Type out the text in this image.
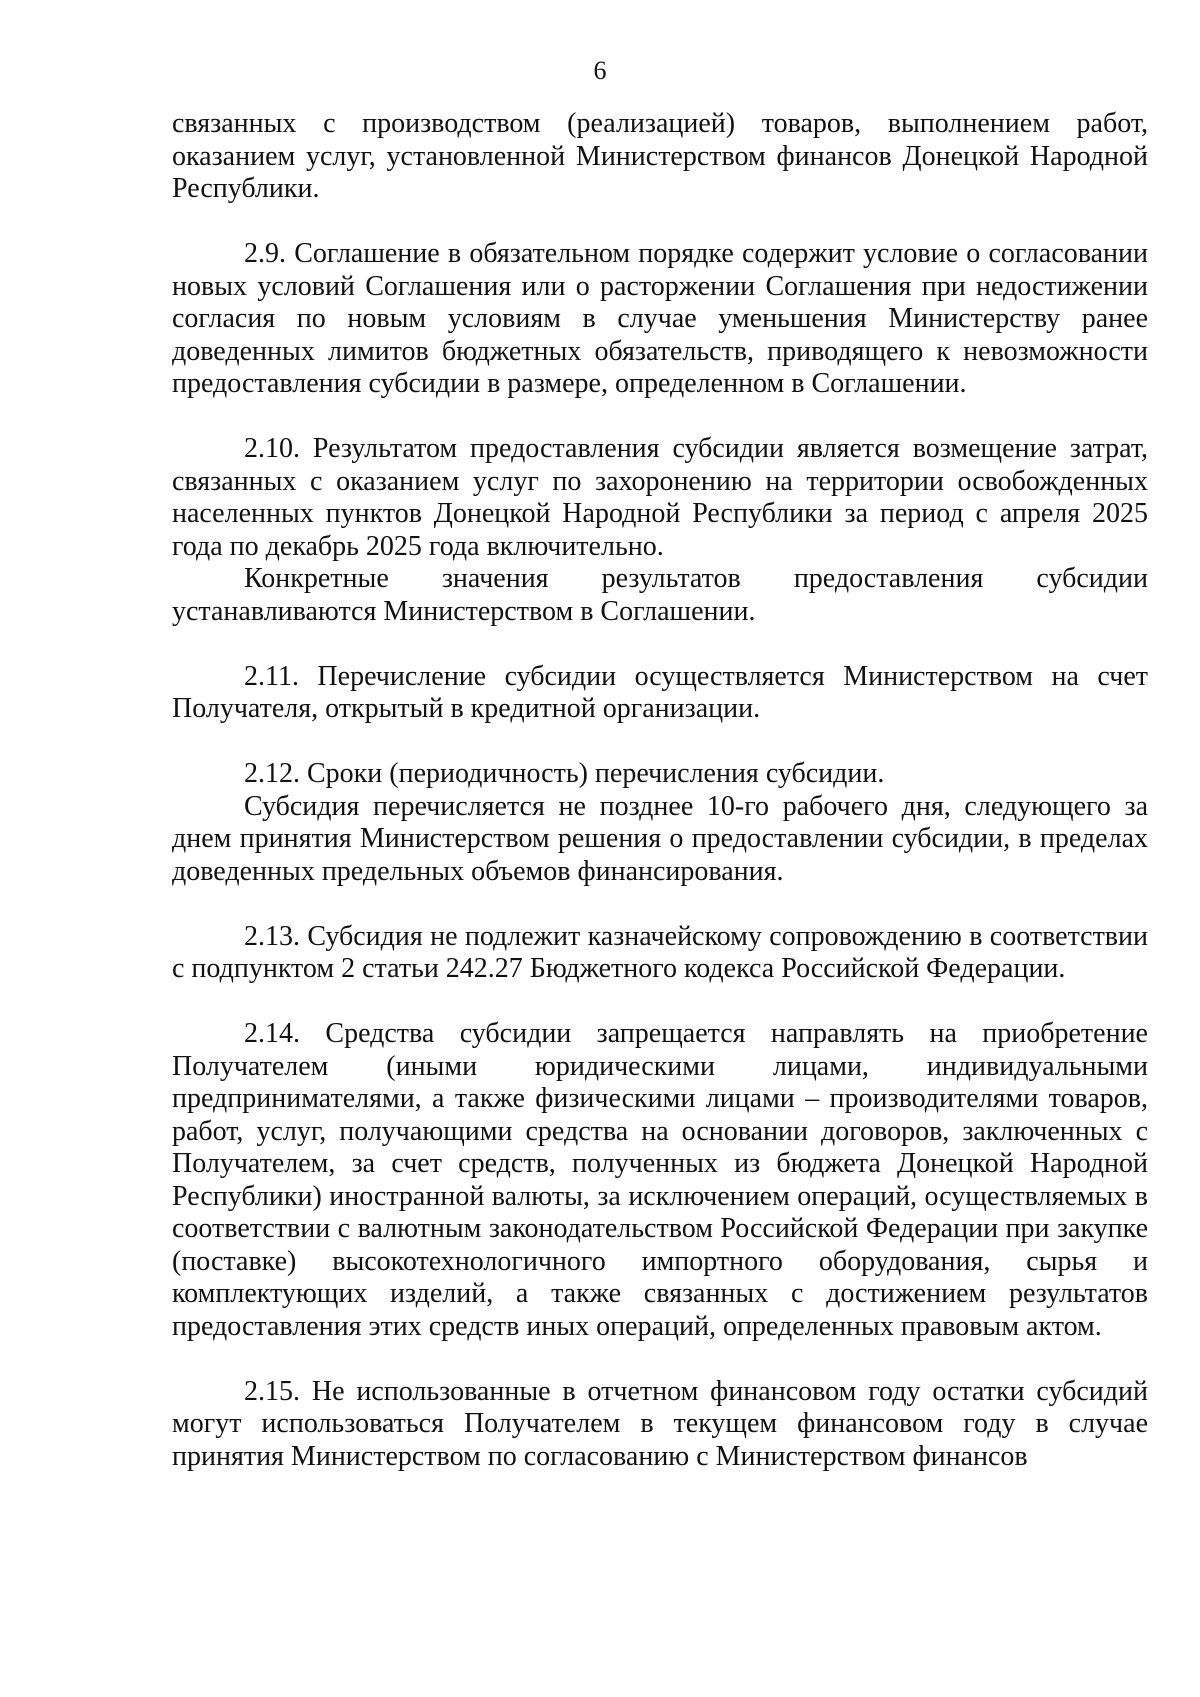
6

связанных с производством (реализацией) товаров, выполнением работ, оказанием услуг, установленной Министерством финансов Донецкой Народной Республики.

2.9. Соглашение в обязательном порядке содержит условие о согласовании новых условий Соглашения или о расторжении Соглашения при недостижении согласия по новым условиям в случае уменьшения Министерству ранее доведенных лимитов бюджетных обязательств, приводящего к невозможности предоставления субсидии в размере, определенном в Соглашении.

2.10. Результатом предоставления субсидии является возмещение затрат, связанных с оказанием услуг по захоронению на территории освобожденных населенных пунктов Донецкой Народной Республики за период с апреля 2025 года по декабрь 2025 года включительно.

Конкретные значения результатов предоставления субсидии устанавливаются Министерством в Соглашении.

2.11. Перечисление субсидии осуществляется Министерством на счет Получателя, открытый в кредитной организации.

2.12. Сроки (периодичность) перечисления субсидии.

Субсидия перечисляется не позднее 10-го рабочего дня, следующего за днем принятия Министерством решения о предоставлении субсидии, в пределах доведенных предельных объемов финансирования.

2.13. Субсидия не подлежит казначейскому сопровождению в соответствии с подпунктом 2 статьи 242.27 Бюджетного кодекса Российской Федерации.

2.14. Средства субсидии запрещается направлять на приобретение Получателем (иными юридическими лицами, индивидуальными предпринимателями, а также физическими лицами – производителями товаров, работ, услуг, получающими средства на основании договоров, заключенных с Получателем, за счет средств, полученных из бюджета Донецкой Народной Республики) иностранной валюты, за исключением операций, осуществляемых в соответствии с валютным законодательством Российской Федерации при закупке (поставке) высокотехнологичного импортного оборудования, сырья и комплектующих изделий, а также связанных с достижением результатов предоставления этих средств иных операций, определенных правовым актом.

2.15. Не использованные в отчетном финансовом году остатки субсидий могут использоваться Получателем в текущем финансовом году в случае принятия Министерством по согласованию с Министерством финансов
